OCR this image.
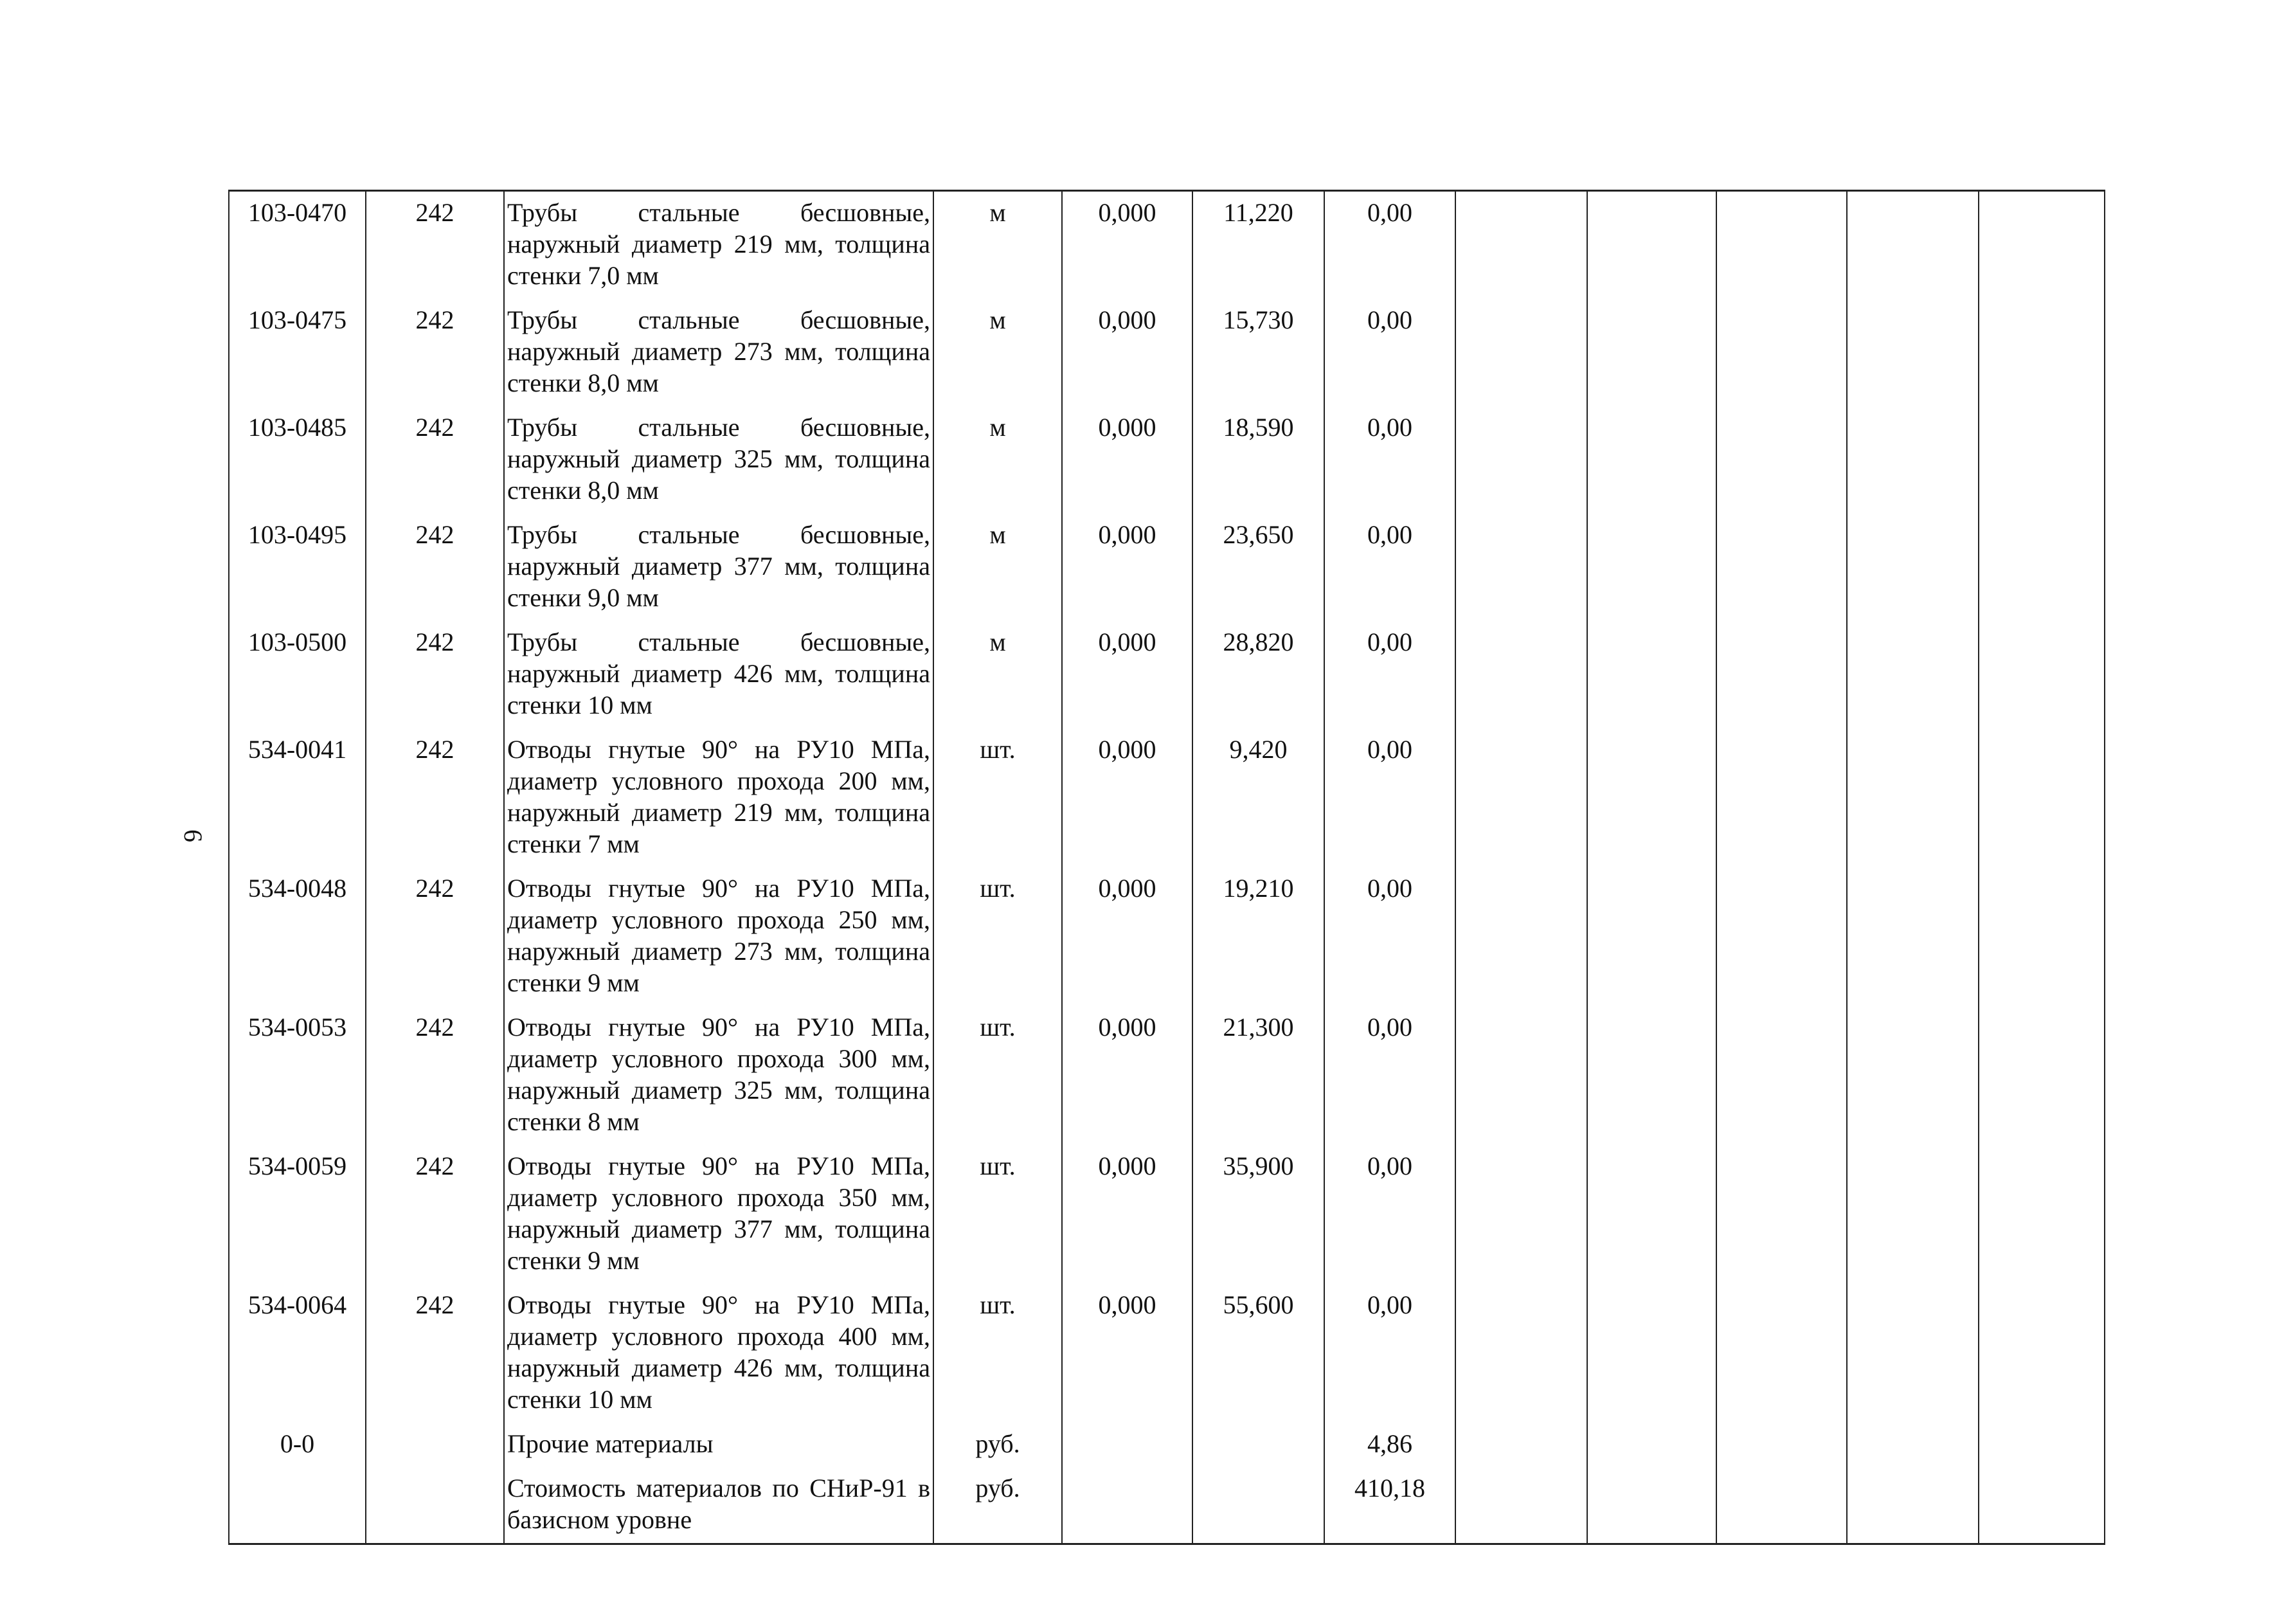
6
103-0470	242	Трубы стальные бесшовные, наружный диаметр 219 мм, толщина стенки 7,0 мм	м	0,000	11,220	0,00					
103-0475	242	Трубы стальные бесшовные, наружный диаметр 273 мм, толщина стенки 8,0 мм	м	0,000	15,730	0,00					
103-0485	242	Трубы стальные бесшовные, наружный диаметр 325 мм, толщина стенки 8,0 мм	м	0,000	18,590	0,00					
103-0495	242	Трубы стальные бесшовные, наружный диаметр 377 мм, толщина стенки 9,0 мм	м	0,000	23,650	0,00					
103-0500	242	Трубы стальные бесшовные, наружный диаметр 426 мм, толщина стенки 10 мм	м	0,000	28,820	0,00					
534-0041	242	Отводы гнутые 90° на РУ10 МПа, диаметр условного прохода 200 мм, наружный диаметр 219 мм, толщина стенки 7 мм	шт.	0,000	9,420	0,00					
534-0048	242	Отводы гнутые 90° на РУ10 МПа, диаметр условного прохода 250 мм, наружный диаметр 273 мм, толщина стенки 9 мм	шт.	0,000	19,210	0,00					
534-0053	242	Отводы гнутые 90° на РУ10 МПа, диаметр условного прохода 300 мм, наружный диаметр 325 мм, толщина стенки 8 мм	шт.	0,000	21,300	0,00					
534-0059	242	Отводы гнутые 90° на РУ10 МПа, диаметр условного прохода 350 мм, наружный диаметр 377 мм, толщина стенки 9 мм	шт.	0,000	35,900	0,00					
534-0064	242	Отводы гнутые 90° на РУ10 МПа, диаметр условного прохода 400 мм, наружный диаметр 426 мм, толщина стенки 10 мм	шт.	0,000	55,600	0,00					
0-0		Прочие материалы	руб.			4,86					
		Стоимость материалов по СНиР-91 в базисном уровне	руб.			410,18					
